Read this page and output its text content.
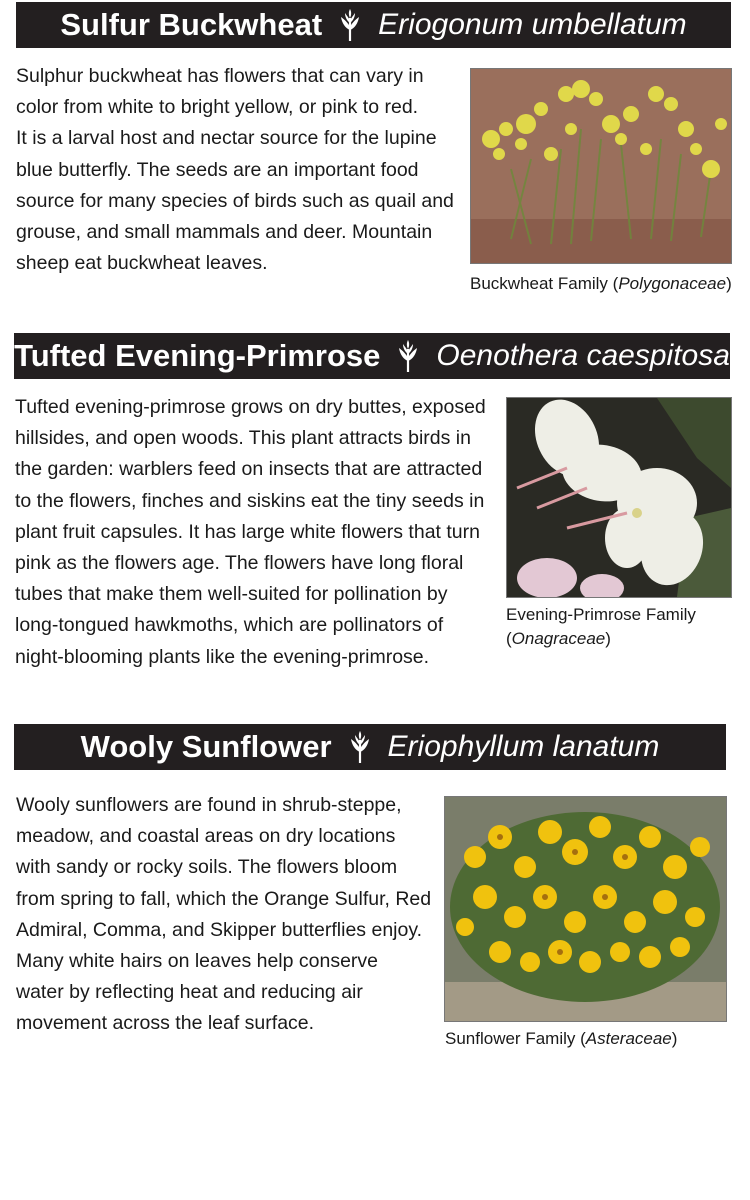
Sulfur Buckwheat Eriogonum umbellatum

Sulphur buckwheat has flowers that can vary in

color from white to bright yellow, or pink to red.

It is a larval host and nectar source for the lupine

blue butterfly. The seeds are an important food

source for many species of birds such as quail and

grouse, and small mammals and deer. Mountain

sheep eat buckwheat leaves.

Buckwheat Family (Polygonaceae)
Tufted Evening-Primrose Oenothera caespitosa

Tufted evening-primrose grows on dry buttes, exposed

hillsides, and open woods. This plant attracts birds in

the garden: warblers feed on insects that are attracted

to the flowers, finches and siskins eat the tiny seeds in

plant fruit capsules. It has large white flowers that turn

pink as the flowers age. The flowers have long floral

tubes that make them well-suited for pollination by

long-tongued hawkmoths, which are pollinators of

night-blooming plants like the evening-primrose.

Evening-Primrose Family
(Onagraceae)
Wooly Sunflower Eriophyllum lanatum

Wooly sunflowers are found in shrub-steppe,

meadow, and coastal areas on dry locations

with sandy or rocky soils. The flowers bloom

from spring to fall, which the Orange Sulfur, Red

Admiral, Comma, and Skipper butterflies enjoy.

Many white hairs on leaves help conserve

water by reflecting heat and reducing air

movement across the leaf surface.

Sunflower Family (Asteraceae)
